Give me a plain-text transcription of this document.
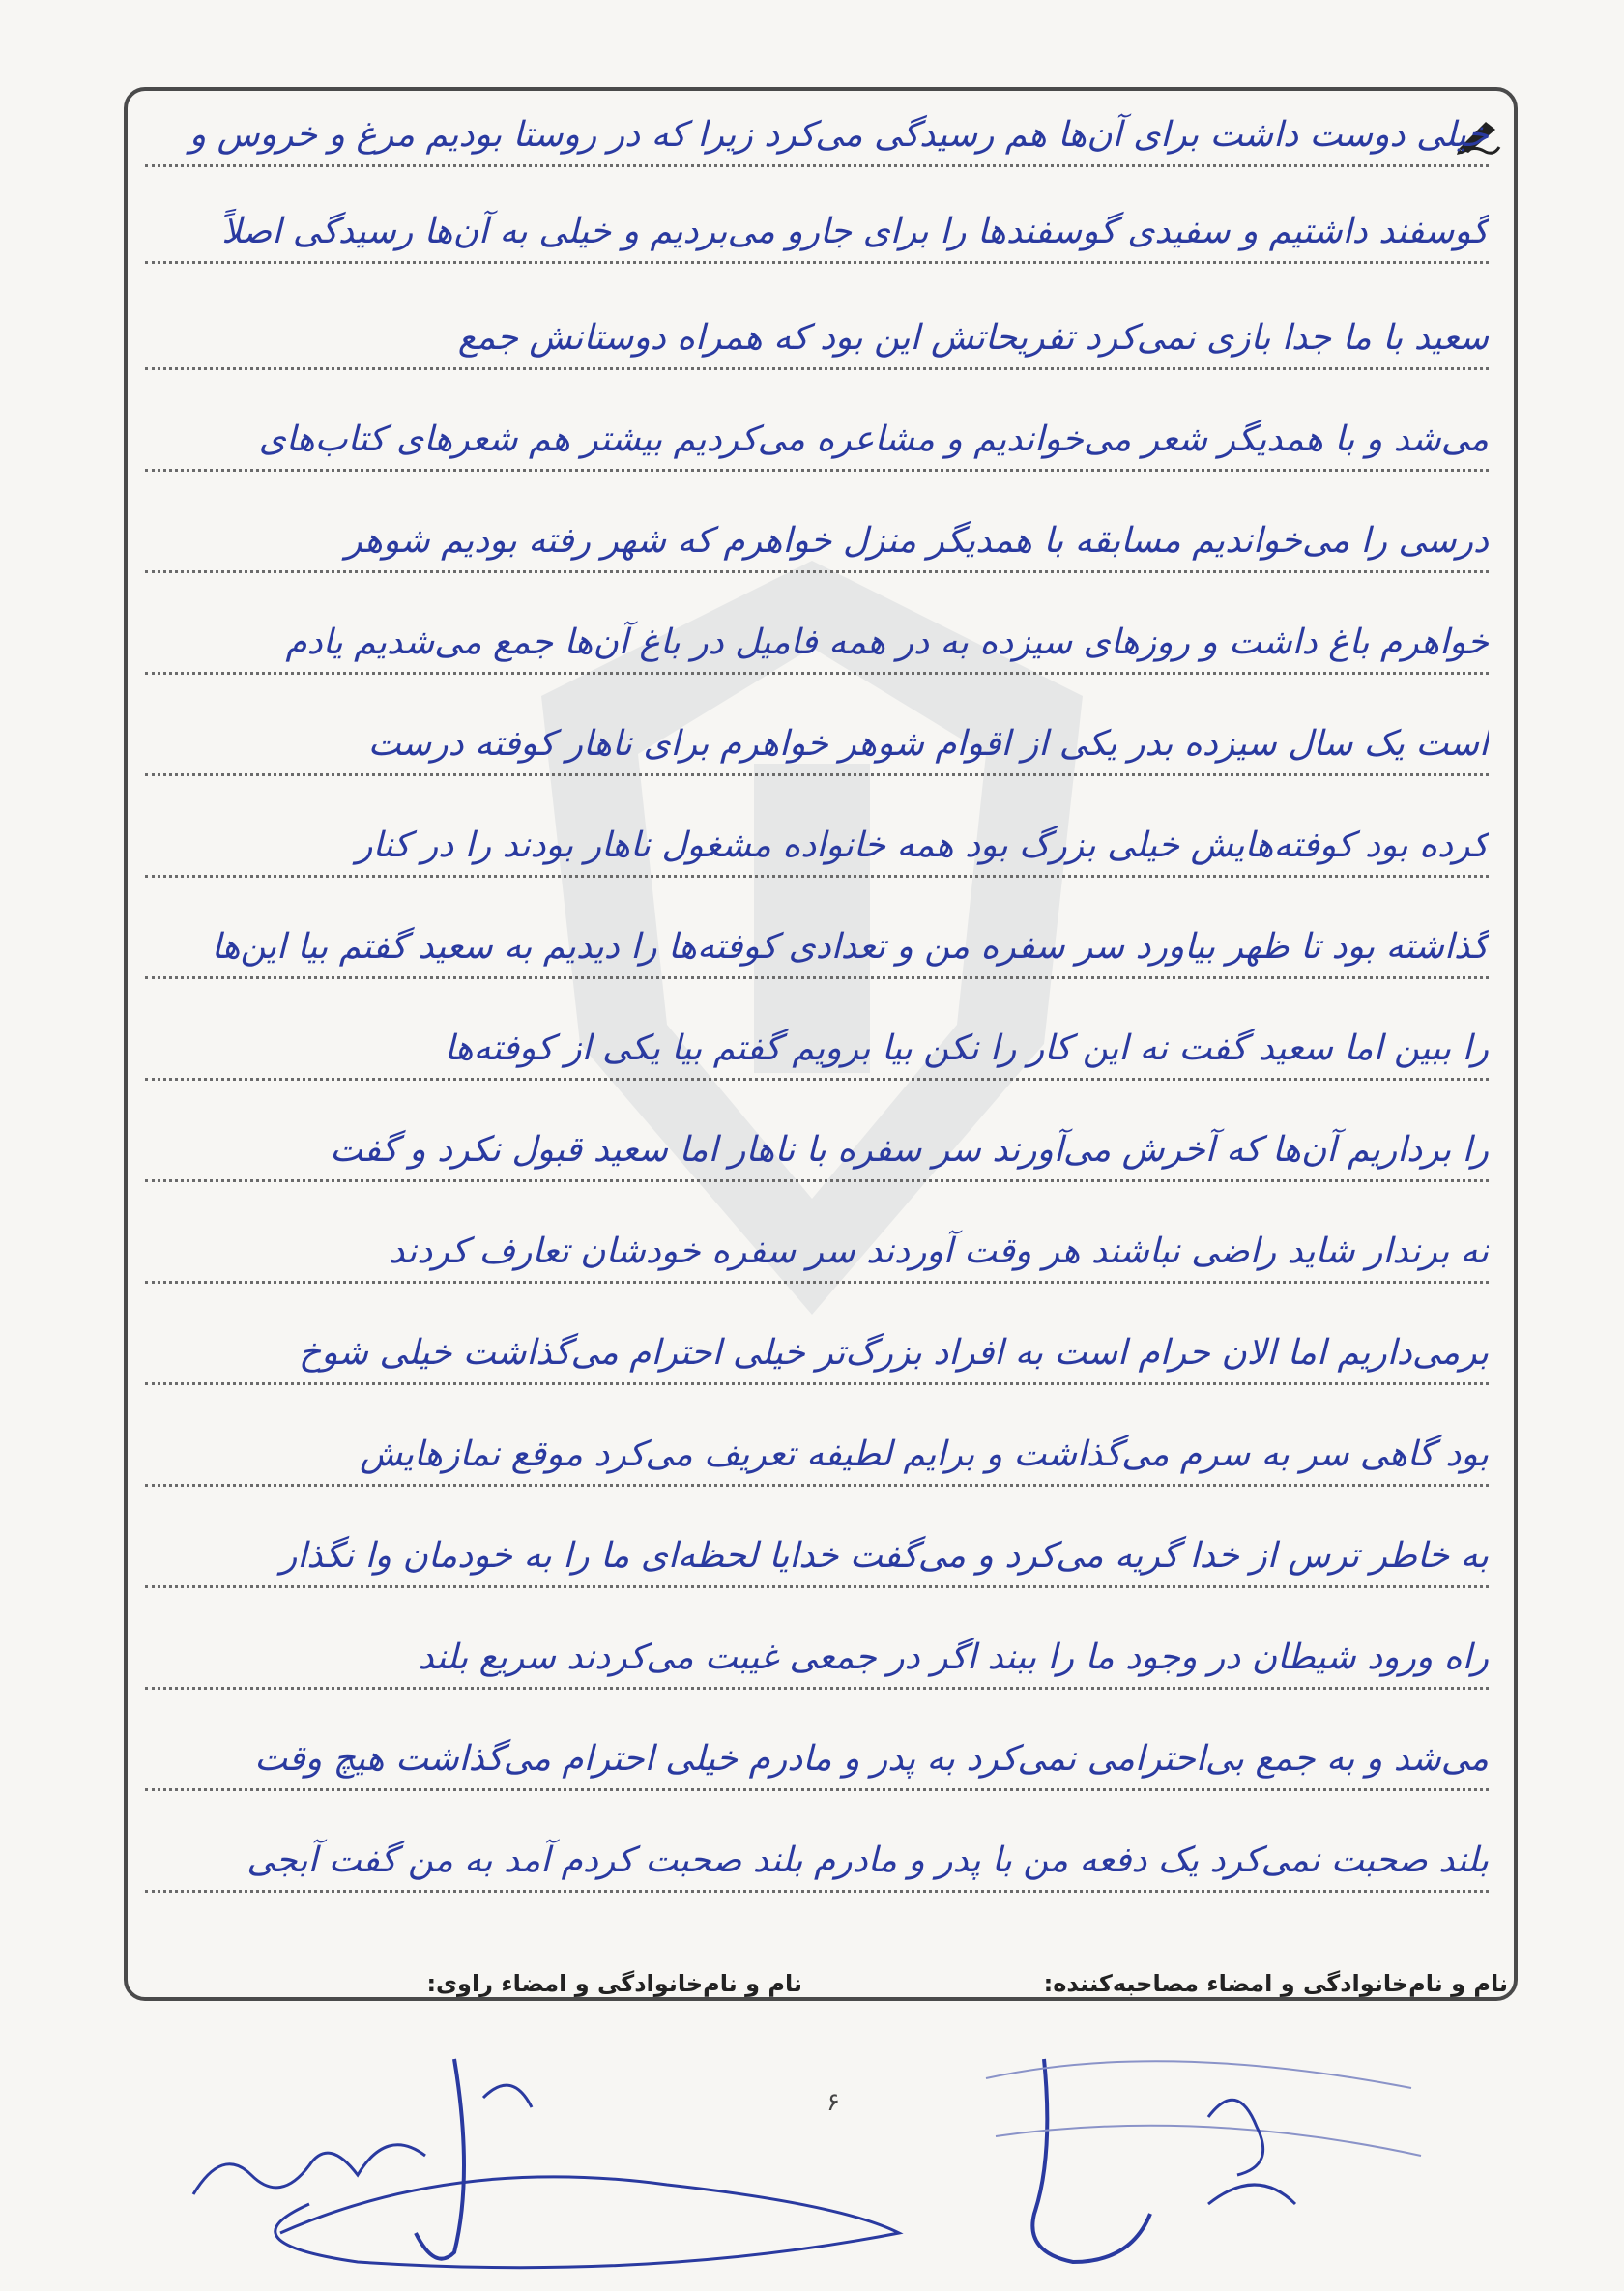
خیلی دوست داشت برای آن‌ها هم رسیدگی می‌کرد زیرا که در روستا بودیم مرغ و خروس و
گوسفند داشتیم و سفیدی گوسفندها را برای جارو می‌بردیم و خیلی به آن‌ها رسیدگی اصلاً
سعید با ما جدا بازی نمی‌کرد تفریحاتش این بود که همراه دوستانش جمع
می‌شد و با همدیگر شعر می‌خواندیم و مشاعره می‌کردیم بیشتر هم شعرهای کتاب‌های
درسی را می‌خواندیم مسابقه با همدیگر منزل خواهرم که شهر رفته بودیم شوهر
خواهرم باغ داشت و روزهای سیزده به در همه فامیل در باغ آن‌ها جمع می‌شدیم یادم
است یک سال سیزده بدر یکی از اقوام شوهر خواهرم برای ناهار کوفته درست
کرده بود کوفته‌هایش خیلی بزرگ بود همه خانواده مشغول ناهار بودند را در کنار
گذاشته بود تا ظهر بیاورد سر سفره من و تعدادی کوفته‌ها را دیدیم به سعید گفتم بیا این‌ها
را ببین اما سعید گفت نه این کار را نکن بیا برویم گفتم بیا یکی از کوفته‌ها
را برداریم آن‌ها که آخرش می‌آورند سر سفره با ناهار اما سعید قبول نکرد و گفت
نه برندار شاید راضی نباشند هر وقت آوردند سر سفره خودشان تعارف کردند
برمی‌داریم اما الان حرام است به افراد بزرگ‌تر خیلی احترام می‌گذاشت خیلی شوخ
بود گاهی سر به سرم می‌گذاشت و برایم لطیفه تعریف می‌کرد موقع نمازهایش
به خاطر ترس از خدا گریه می‌کرد و می‌گفت خدایا لحظه‌ای ما را به خودمان وا نگذار
راه ورود شیطان در وجود ما را ببند اگر در جمعی غیبت می‌کردند سریع بلند
می‌شد و به جمع بی‌احترامی نمی‌کرد به پدر و مادرم خیلی احترام می‌گذاشت هیچ وقت
بلند صحبت نمی‌کرد یک دفعه من با پدر و مادرم بلند صحبت کردم آمد به من گفت آبجی
نام و نام‌خانوادگی و امضاء مصاحبه‌کننده:
نام و نام‌خانوادگی و امضاء راوی:
۶
